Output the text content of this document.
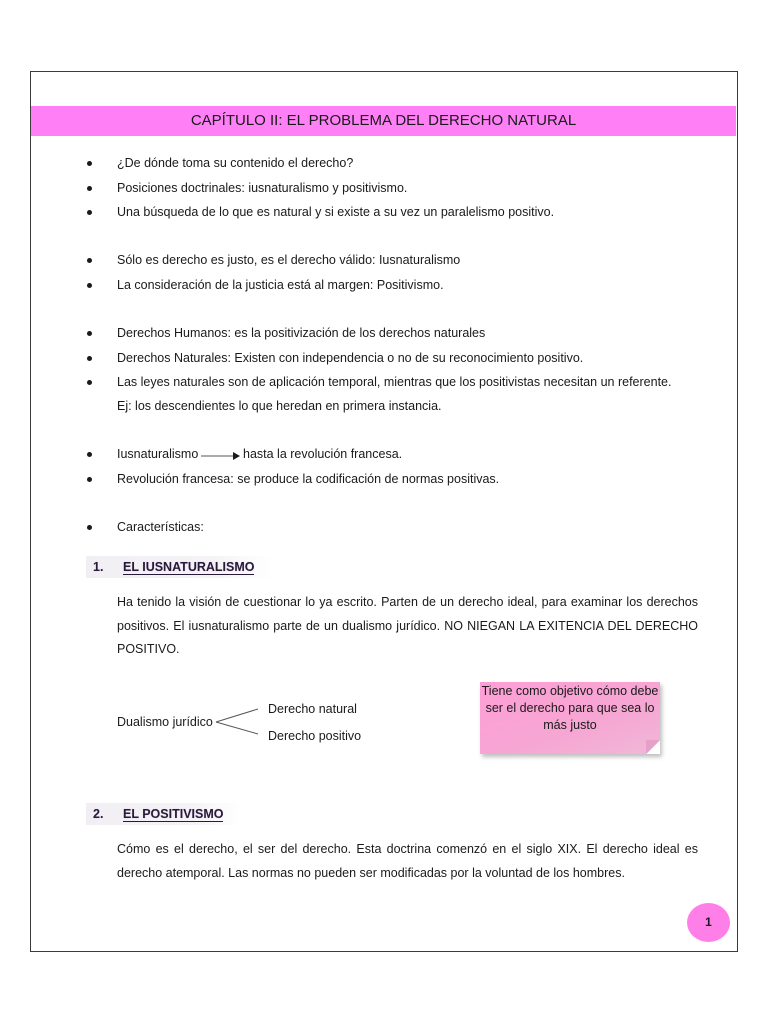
CAPÍTULO II: EL PROBLEMA DEL DERECHO NATURAL
¿De dónde toma su contenido el derecho?
Posiciones doctrinales: iusnaturalismo y positivismo.
Una búsqueda de lo que es natural y si existe a su vez un paralelismo positivo.
Sólo es derecho es justo, es el derecho válido: Iusnaturalismo
La consideración de la justicia está al margen: Positivismo.
Derechos Humanos: es la positivización de los derechos naturales
Derechos Naturales: Existen con independencia o no de su reconocimiento positivo.
Las leyes naturales son de aplicación temporal, mientras que los positivistas necesitan un referente.
Ej: los descendientes lo que heredan en primera instancia.
Iusnaturalismo	hasta la revolución francesa.
Revolución francesa: se produce la codificación de normas positivas.
Características:
1. EL IUSNATURALISMO
Ha tenido la visión de cuestionar lo ya escrito. Parten de un derecho ideal, para examinar los derechos positivos. El iusnaturalismo parte de un dualismo jurídico. NO NIEGAN LA EXITENCIA DEL DERECHO POSITIVO.
Dualismo jurídico
Derecho natural
Derecho positivo
Tiene como objetivo cómo debe ser el derecho para que sea lo más justo
2. EL POSITIVISMO
Cómo es el derecho, el ser del derecho. Esta doctrina comenzó en el siglo XIX. El derecho ideal es derecho atemporal. Las normas no pueden ser modificadas por la voluntad de los hombres.
1
